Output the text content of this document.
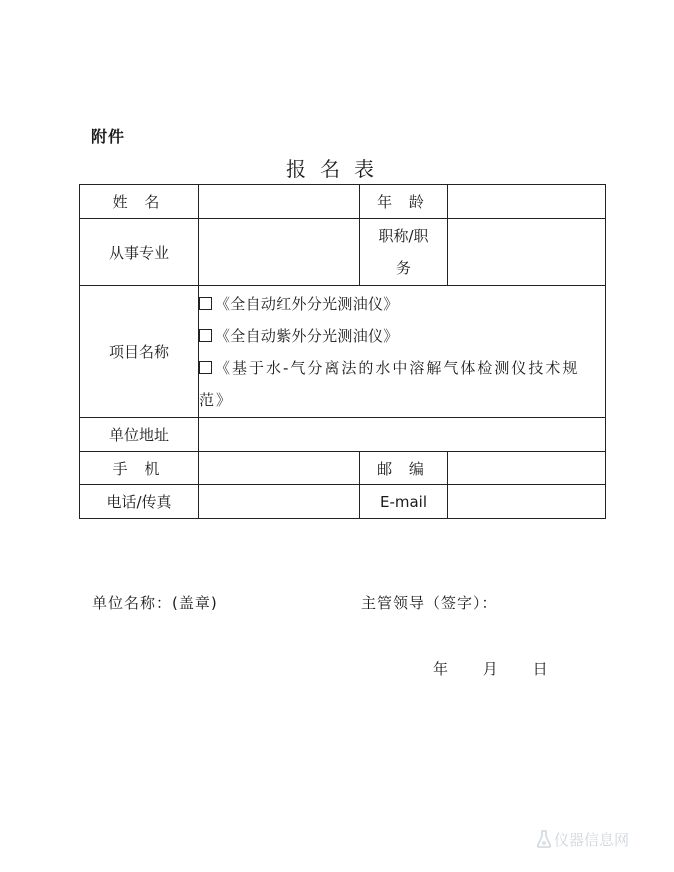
附件
报名表
姓 名		年 龄	
从事专业		职称/职
务	

项目名称	《全自动红外分光测油仪》
《全自动紫外分光测油仪》
《基于水-气分离法的水中溶解气体检测仪技术规范》		

单位地址			
手 机		邮 编	
电话/传真		E-mail	
单位名称：(盖章)	主管领导（签字）：
年 月 日
仪器信息网
